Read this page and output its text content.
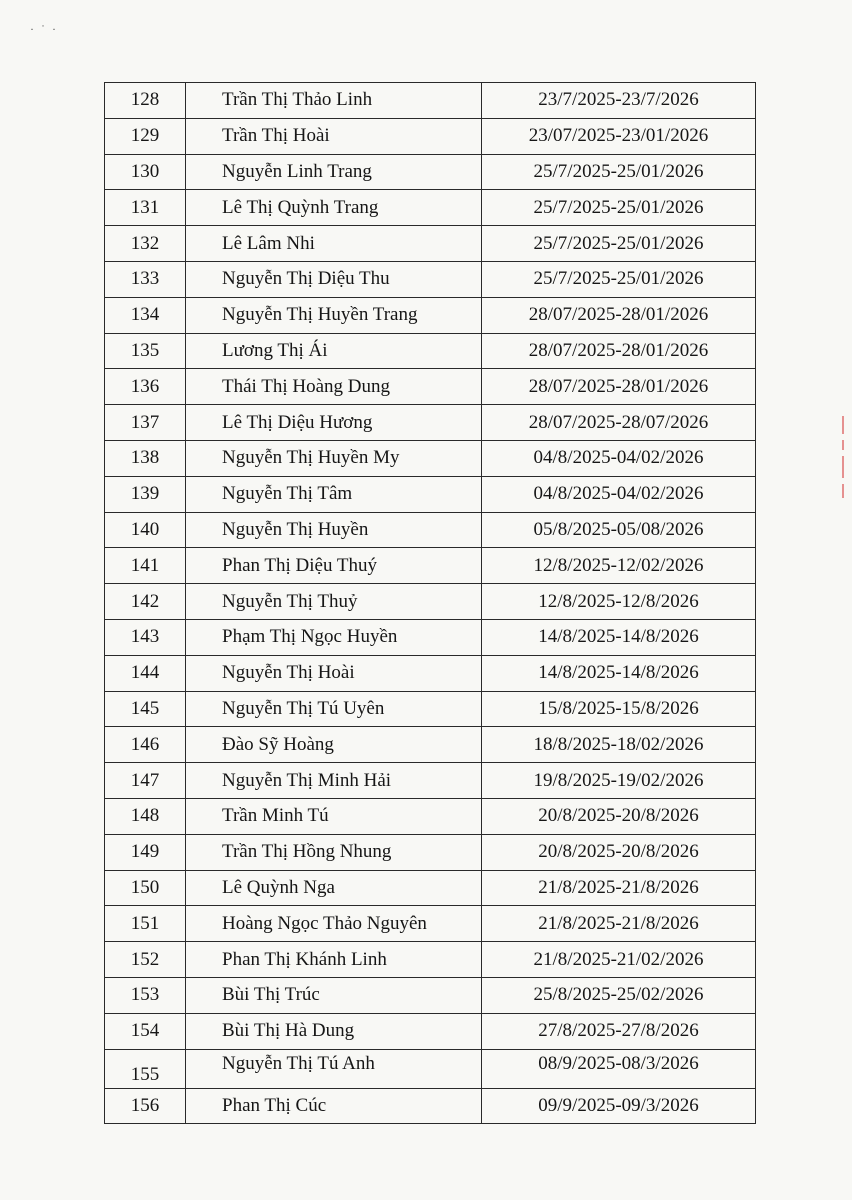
· ˙ ·
128	Trần Thị Thảo Linh	23/7/2025-23/7/2026
129	Trần Thị Hoài	23/07/2025-23/01/2026
130	Nguyễn Linh Trang	25/7/2025-25/01/2026
131	Lê Thị Quỳnh Trang	25/7/2025-25/01/2026
132	Lê Lâm Nhi	25/7/2025-25/01/2026
133	Nguyễn Thị Diệu Thu	25/7/2025-25/01/2026
134	Nguyễn Thị Huyền Trang	28/07/2025-28/01/2026
135	Lương Thị Ái	28/07/2025-28/01/2026
136	Thái Thị Hoàng Dung	28/07/2025-28/01/2026
137	Lê Thị Diệu Hương	28/07/2025-28/07/2026
138	Nguyễn Thị Huyền My	04/8/2025-04/02/2026
139	Nguyễn Thị Tâm	04/8/2025-04/02/2026
140	Nguyễn Thị Huyền	05/8/2025-05/08/2026
141	Phan Thị Diệu Thuý	12/8/2025-12/02/2026
142	Nguyễn Thị Thuỷ	12/8/2025-12/8/2026
143	Phạm Thị Ngọc Huyền	14/8/2025-14/8/2026
144	Nguyễn Thị Hoài	14/8/2025-14/8/2026
145	Nguyễn Thị Tú Uyên	15/8/2025-15/8/2026
146	Đào Sỹ Hoàng	18/8/2025-18/02/2026
147	Nguyễn Thị Minh Hải	19/8/2025-19/02/2026
148	Trần Minh Tú	20/8/2025-20/8/2026
149	Trần Thị Hồng Nhung	20/8/2025-20/8/2026
150	Lê Quỳnh Nga	21/8/2025-21/8/2026
151	Hoàng Ngọc Thảo Nguyên	21/8/2025-21/8/2026
152	Phan Thị Khánh Linh	21/8/2025-21/02/2026
153	Bùi Thị Trúc	25/8/2025-25/02/2026
154	Bùi Thị Hà Dung	27/8/2025-27/8/2026
155	Nguyễn Thị Tú Anh	08/9/2025-08/3/2026
156	Phan Thị Cúc	09/9/2025-09/3/2026
